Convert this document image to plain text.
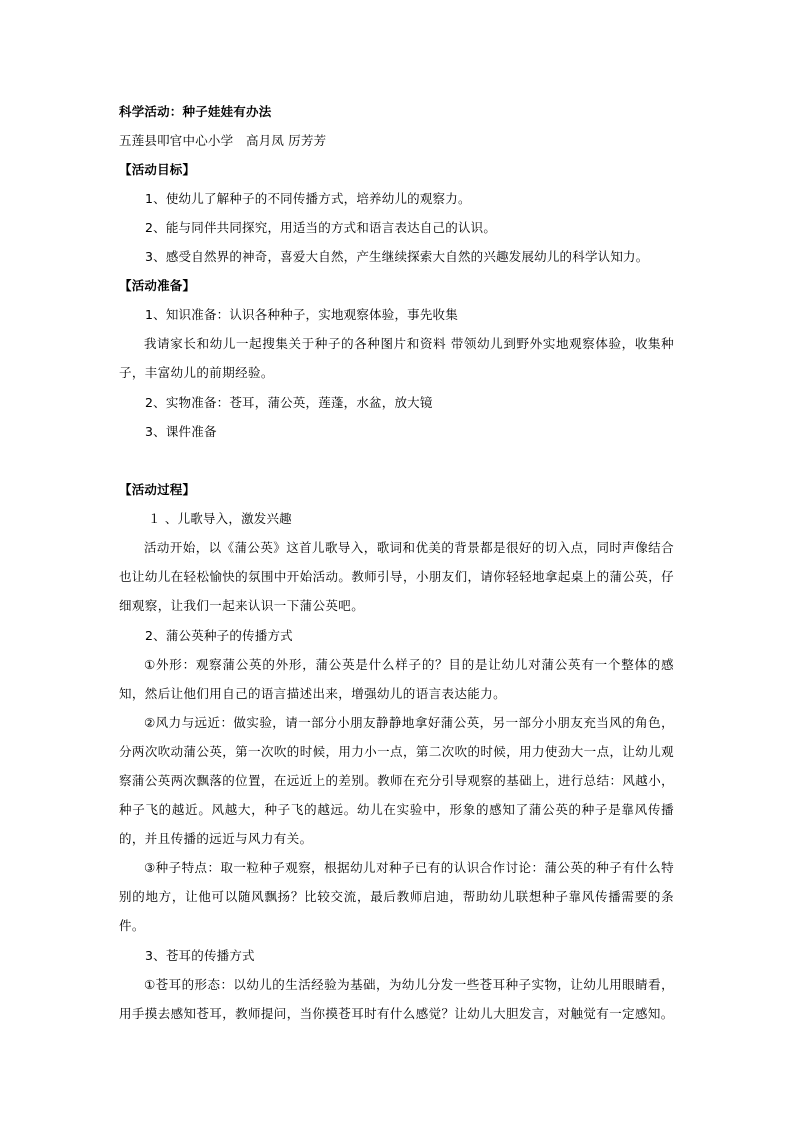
科学活动：种子娃娃有办法
五莲县叩官中心小学　高月凤 厉芳芳
【活动目标】
1、使幼儿了解种子的不同传播方式，培养幼儿的观察力。
2、能与同伴共同探究，用适当的方式和语言表达自己的认识。
3、感受自然界的神奇，喜爱大自然，产生继续探索大自然的兴趣发展幼儿的科学认知力。
【活动准备】
1、知识准备：认识各种种子，实地观察体验，事先收集
我请家长和幼儿一起搜集关于种子的各种图片和资料 带领幼儿到野外实地观察体验，收集种子，丰富幼儿的前期经验。
2、实物准备：苍耳，蒲公英，莲蓬，水盆，放大镜
3、课件准备
【活动过程】
１ 、儿歌导入，激发兴趣
活动开始，以《蒲公英》这首儿歌导入，歌词和优美的背景都是很好的切入点，同时声像结合也让幼儿在轻松愉快的氛围中开始活动。教师引导，小朋友们，请你轻轻地拿起桌上的蒲公英，仔细观察，让我们一起来认识一下蒲公英吧。
2、蒲公英种子的传播方式
①外形：观察蒲公英的外形，蒲公英是什么样子的？目的是让幼儿对蒲公英有一个整体的感知，然后让他们用自己的语言描述出来，增强幼儿的语言表达能力。
②风力与远近：做实验，请一部分小朋友静静地拿好蒲公英，另一部分小朋友充当风的角色，分两次吹动蒲公英，第一次吹的时候，用力小一点，第二次吹的时候，用力使劲大一点，让幼儿观察蒲公英两次飘落的位置，在远近上的差别。教师在充分引导观察的基础上，进行总结：风越小，种子飞的越近。风越大，种子飞的越远。幼儿在实验中，形象的感知了蒲公英的种子是靠风传播的，并且传播的远近与风力有关。
③种子特点：取一粒种子观察，根据幼儿对种子已有的认识合作讨论：蒲公英的种子有什么特别的地方，让他可以随风飘扬？比较交流，最后教师启迪，帮助幼儿联想种子靠风传播需要的条件。
3、苍耳的传播方式
①苍耳的形态：以幼儿的生活经验为基础，为幼儿分发一些苍耳种子实物，让幼儿用眼睛看，用手摸去感知苍耳，教师提问，当你摸苍耳时有什么感觉？让幼儿大胆发言，对触觉有一定感知。
